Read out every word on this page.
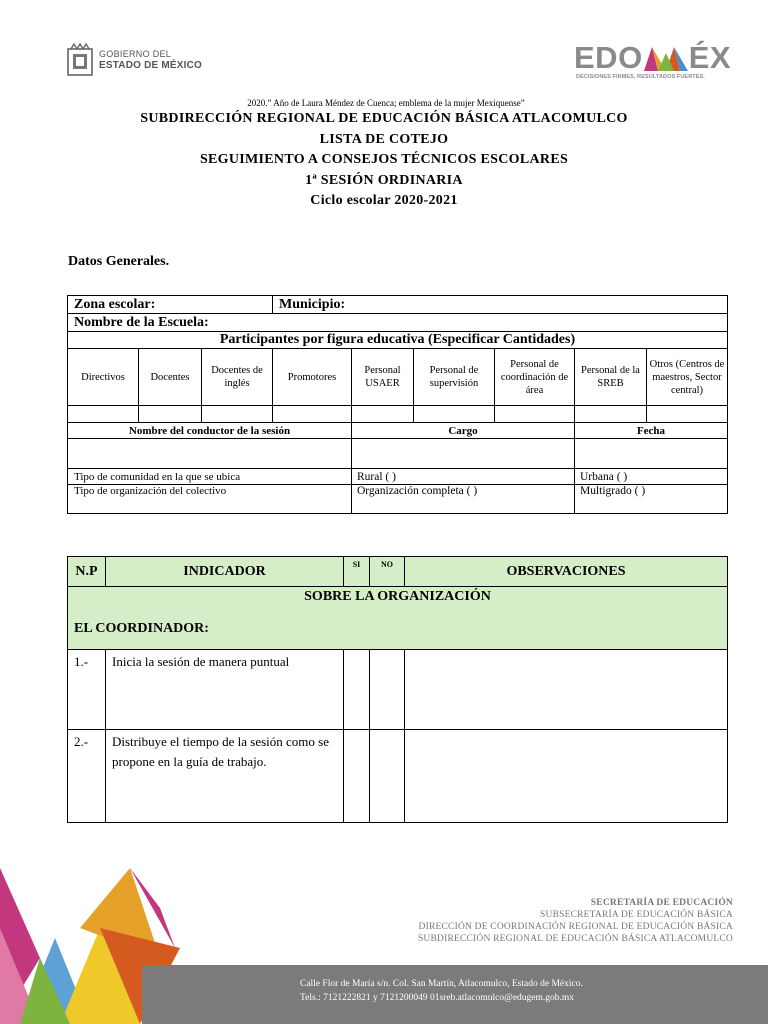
GOBIERNO DEL
ESTADO DE MÉXICO	EDO ÉX
DECISIONES FIRMES, RESULTADOS FUERTES.
2020.” Año de Laura Méndez de Cuenca; emblema de la mujer Mexiquense”
SUBDIRECCIÓN REGIONAL DE EDUCACIÓN BÁSICA ATLACOMULCO
LISTA DE COTEJO
SEGUIMIENTO A CONSEJOS TÉCNICOS ESCOLARES
1ª SESIÓN ORDINARIA
Ciclo escolar 2020-2021
Datos Generales.
Zona escolar:			Municipio:					
Nombre de la Escuela:								
Participantes por figura educativa (Especificar Cantidades)								
Directivos	Docentes	Docentes de inglés	Promotores	Personal USAER	Personal de supervisión	Personal de coordinación de área	Personal de la SREB	Otros (Centros de maestros, Sector central)

Nombre del conductor de la sesión				Cargo			Fecha	

Tipo de comunidad en la que se ubica				Rural ( )			Urbana ( )	
Tipo de organización del colectivo				Organización completa ( )			Multigrado ( )	
N.P	INDICADOR	SI	NO	OBSERVACIONES

SOBRE LA ORGANIZACIÓN
EL COORDINADOR:				

1.-	Inicia la sesión de manera puntual			
2.-	Distribuye el tiempo de la sesión como se propone en la guía de trabajo.			
SECRETARÍA DE EDUCACIÓN
SUBSECRETARÍA DE EDUCACIÓN BÁSICA
DIRECCIÓN DE COORDINACIÓN REGIONAL DE EDUCACIÓN BÁSICA
SUBDIRECCIÓN REGIONAL DE EDUCACIÓN BÁSICA ATLACOMULCO
Calle Flor de María s/n. Col. San Martín, Atlacomulco, Estado de México.
Tels.: 7121222821 y 7121200049 01sreb.atlacomulco@edugem.gob.mx
